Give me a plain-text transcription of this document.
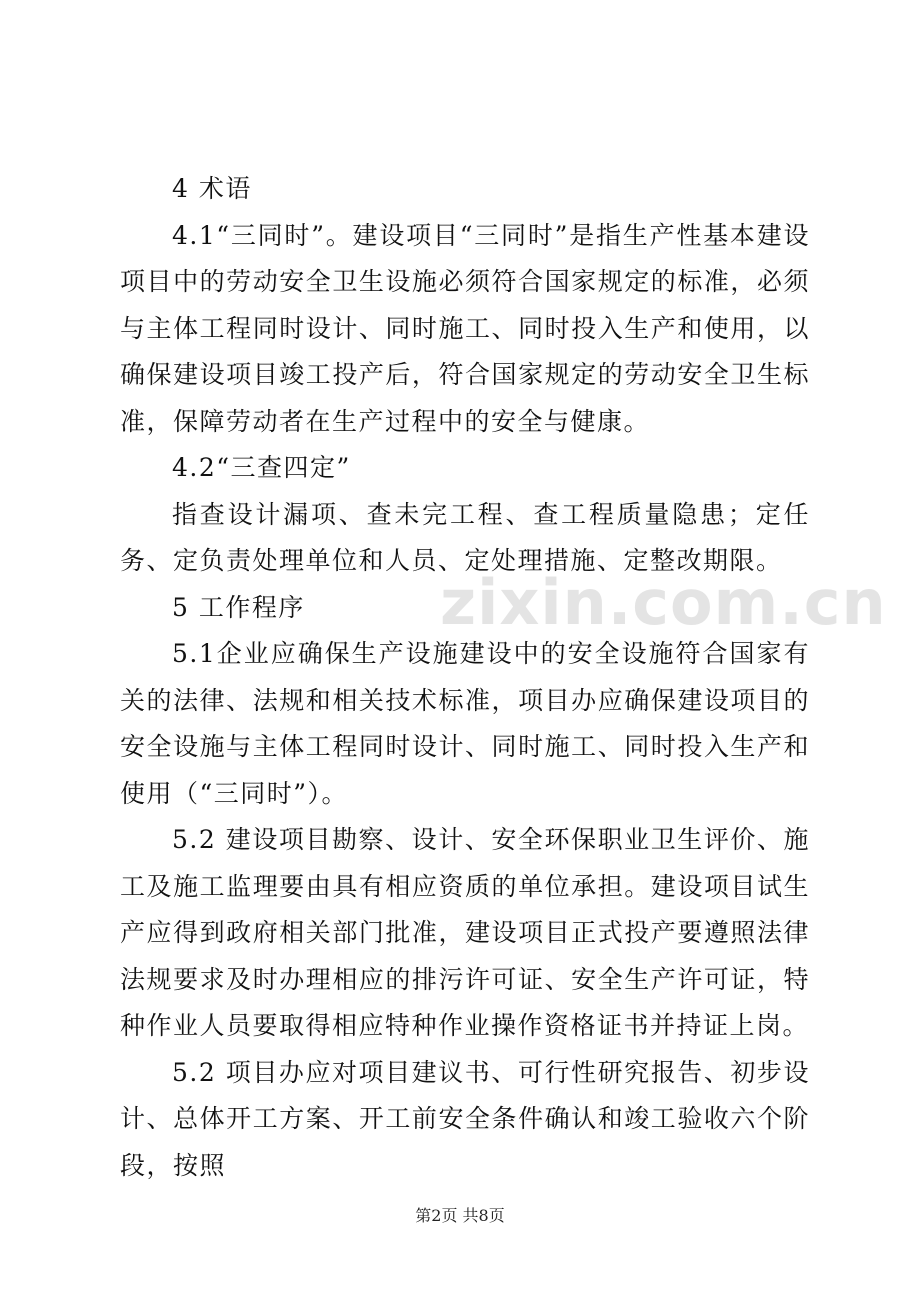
zixin.com.cn

4 术语

4.1“三同时”。建设项目“三同时”是指生产性基本建设项目中的劳动安全卫生设施必须符合国家规定的标准，必须与主体工程同时设计、同时施工、同时投入生产和使用，以确保建设项目竣工投产后，符合国家规定的劳动安全卫生标准，保障劳动者在生产过程中的安全与健康。

4.2“三查四定”

指查设计漏项、查未完工程、查工程质量隐患；定任务、定负责处理单位和人员、定处理措施、定整改期限。

5 工作程序

5.1企业应确保生产设施建设中的安全设施符合国家有关的法律、法规和相关技术标准，项目办应确保建设项目的安全设施与主体工程同时设计、同时施工、同时投入生产和使用（“三同时”）。

5.2 建设项目勘察、设计、安全环保职业卫生评价、施工及施工监理要由具有相应资质的单位承担。建设项目试生产应得到政府相关部门批准，建设项目正式投产要遵照法律法规要求及时办理相应的排污许可证、安全生产许可证，特种作业人员要取得相应特种作业操作资格证书并持证上岗。

5.2 项目办应对项目建议书、可行性研究报告、初步设计、总体开工方案、开工前安全条件确认和竣工验收六个阶段，按照

第2页 共8页
